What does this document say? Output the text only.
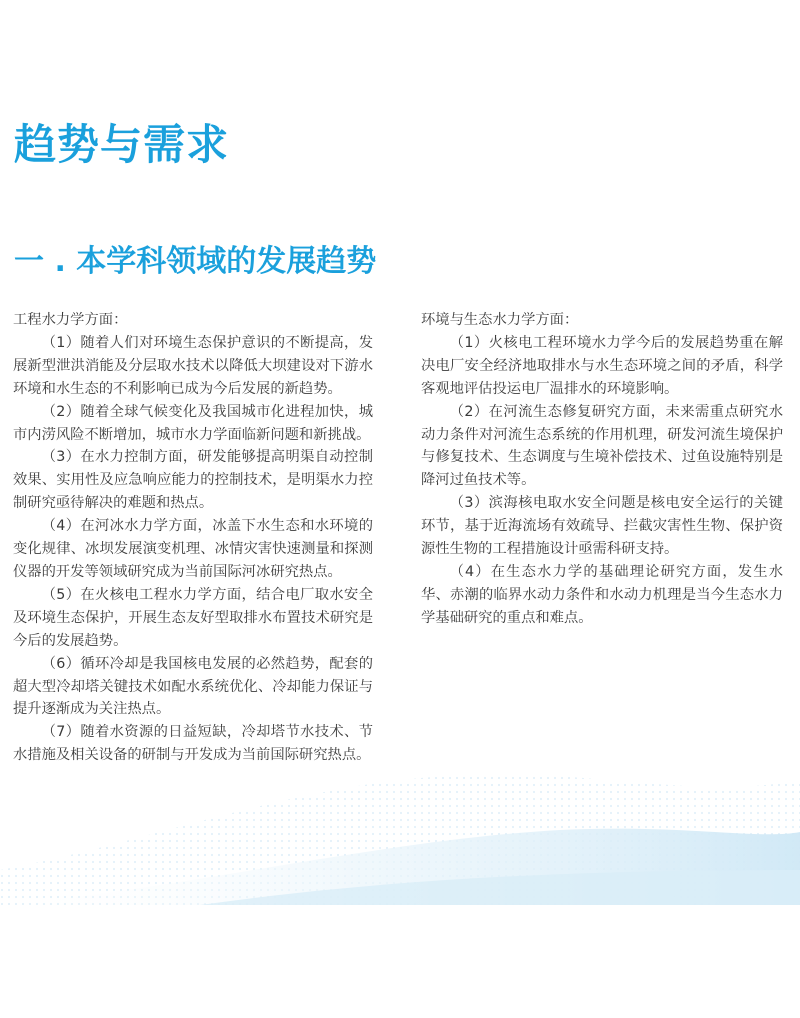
趋势与需求
一 . 本学科领域的发展趋势

工程水力学方面：

（1）随着人们对环境生态保护意识的不断提高，发展新型泄洪消能及分层取水技术以降低大坝建设对下游水环境和水生态的不利影响已成为今后发展的新趋势。

（2）随着全球气候变化及我国城市化进程加快，城市内涝风险不断增加，城市水力学面临新问题和新挑战。

（3）在水力控制方面，研发能够提高明渠自动控制效果、实用性及应急响应能力的控制技术，是明渠水力控制研究亟待解决的难题和热点。

（4）在河冰水力学方面，冰盖下水生态和水环境的变化规律、冰坝发展演变机理、冰情灾害快速测量和探测仪器的开发等领域研究成为当前国际河冰研究热点。

（5）在火核电工程水力学方面，结合电厂取水安全及环境生态保护，开展生态友好型取排水布置技术研究是今后的发展趋势。

（6）循环冷却是我国核电发展的必然趋势，配套的超大型冷却塔关键技术如配水系统优化、冷却能力保证与提升逐渐成为关注热点。

（7）随着水资源的日益短缺，冷却塔节水技术、节水措施及相关设备的研制与开发成为当前国际研究热点。

环境与生态水力学方面：

（1）火核电工程环境水力学今后的发展趋势重在解决电厂安全经济地取排水与水生态环境之间的矛盾，科学客观地评估投运电厂温排水的环境影响。

（2）在河流生态修复研究方面，未来需重点研究水动力条件对河流生态系统的作用机理，研发河流生境保护与修复技术、生态调度与生境补偿技术、过鱼设施特别是降河过鱼技术等。

（3）滨海核电取水安全问题是核电安全运行的关键环节，基于近海流场有效疏导、拦截灾害性生物、保护资源性生物的工程措施设计亟需科研支持。

（4）在生态水力学的基础理论研究方面，发生水华、赤潮的临界水动力条件和水动力机理是当今生态水力学基础研究的重点和难点。
